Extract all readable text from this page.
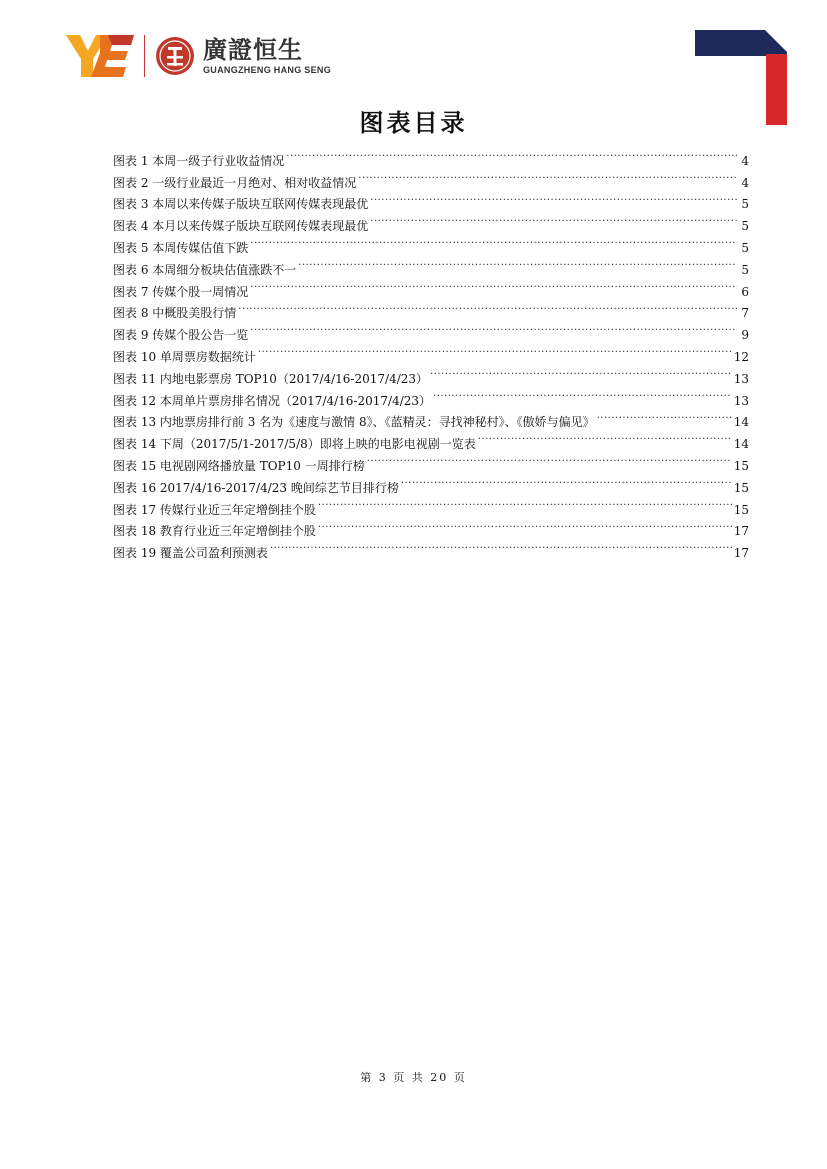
廣證恒生
GUANGZHENG HANG SENG
图表目录
图表 1 本周一级子行业收益情况 .....	4
图表 2 一级行业最近一月绝对、相对收益情况 .....	4
图表 3 本周以来传媒子版块互联网传媒表现最优 .....	5
图表 4 本月以来传媒子版块互联网传媒表现最优 .....	5
图表 5 本周传媒估值下跌 .....	5
图表 6 本周细分板块估值涨跌不一 .....	5
图表 7 传媒个股一周情况 .....	6
图表 8 中概股美股行情 .....	7
图表 9 传媒个股公告一览 .....	9
图表 10 单周票房数据统计 .....	12
图表 11 内地电影票房 TOP10（2017/4/16-2017/4/23） .....	13
图表 12 本周单片票房排名情况（2017/4/16-2017/4/23） .....	13
图表 13 内地票房排行前 3 名为《速度与激情 8》、《蓝精灵：寻找神秘村》、《傲娇与偏见》 .....	14
图表 14 下周（2017/5/1-2017/5/8）即将上映的电影电视剧一览表 .....	14
图表 15 电视剧网络播放量 TOP10 一周排行榜 .....	15
图表 16 2017/4/16-2017/4/23 晚间综艺节目排行榜 .....	15
图表 17 传媒行业近三年定增倒挂个股 .....	15
图表 18 教育行业近三年定增倒挂个股 .....	17
图表 19 覆盖公司盈利预测表 .....	17
第 3 页 共 20 页
